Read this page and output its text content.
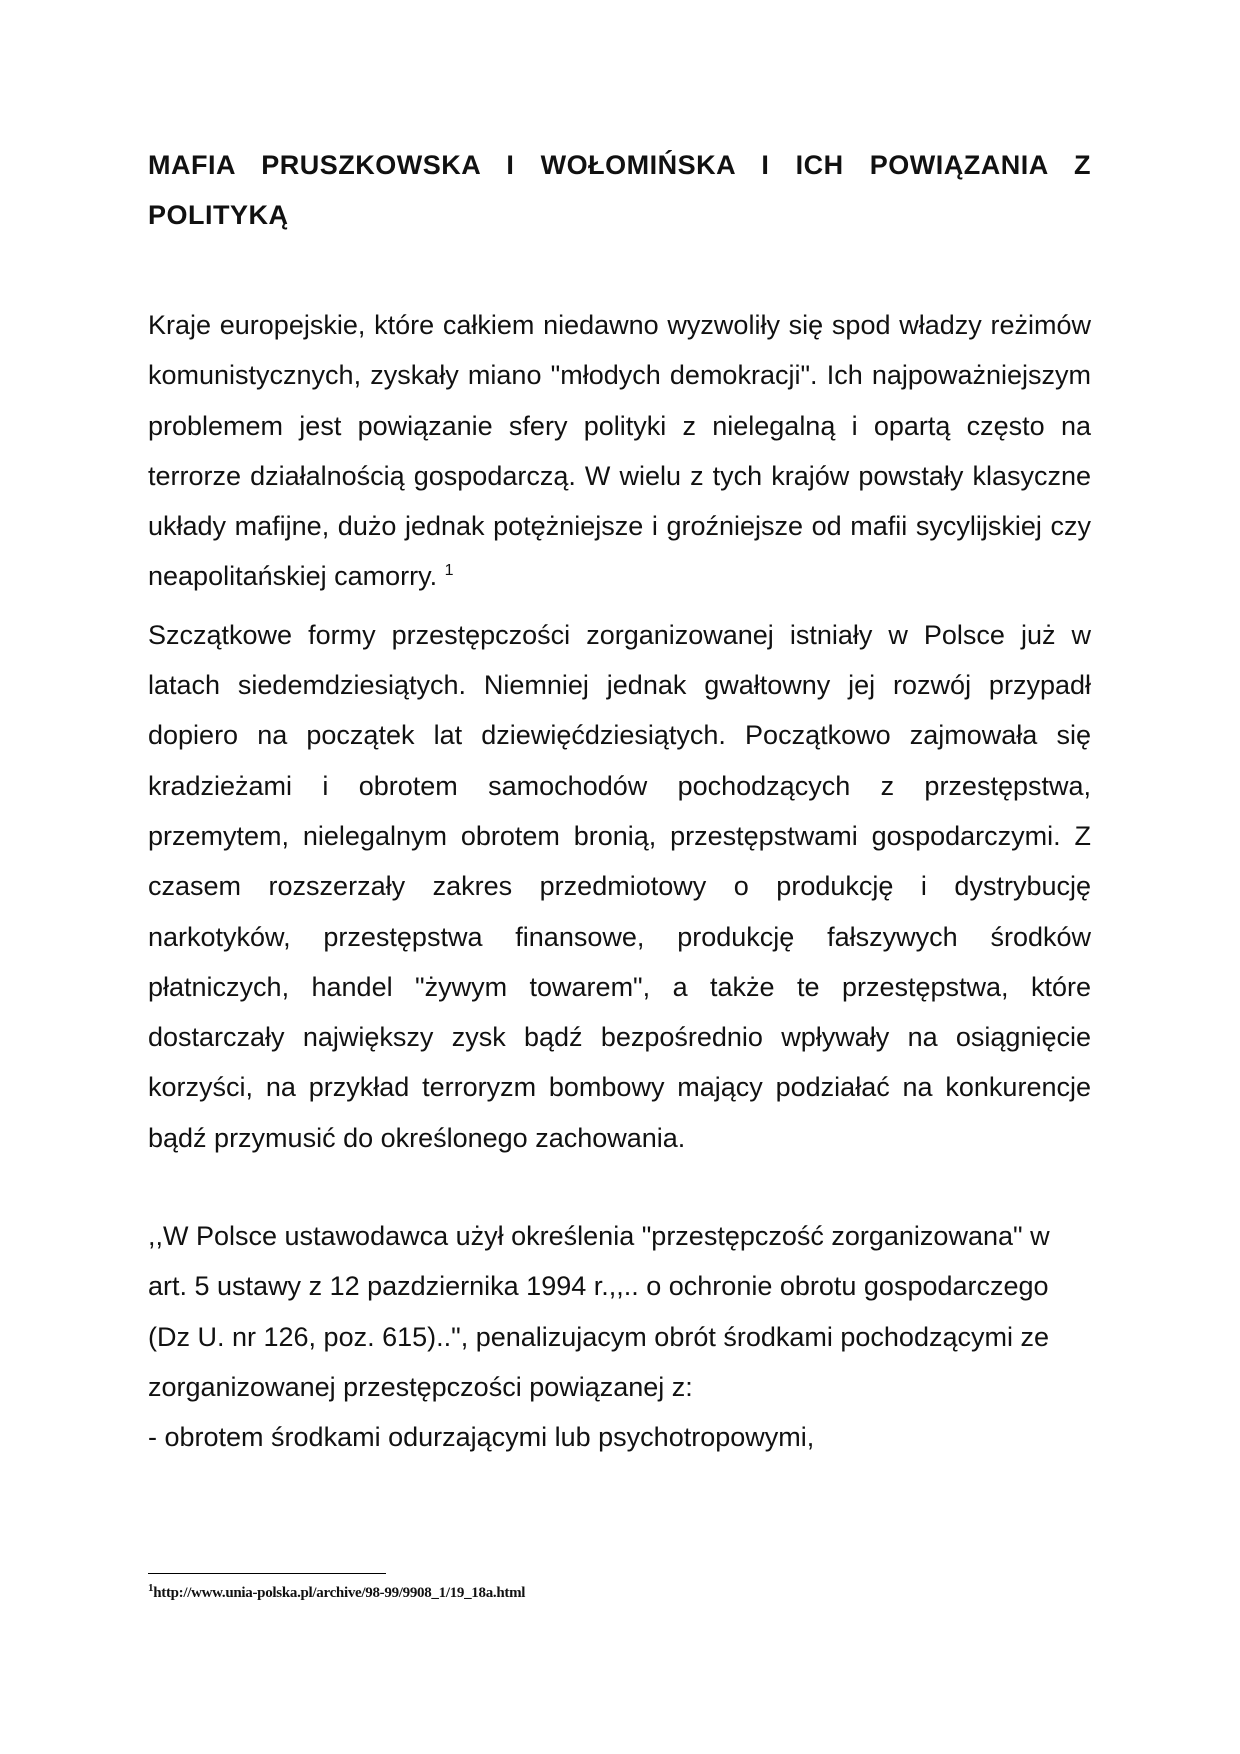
MAFIA PRUSZKOWSKA I WOŁOMIŃSKA I ICH POWIĄZANIA Z POLITYKĄ

Kraje europejskie, które całkiem niedawno wyzwoliły się spod władzy reżimów komunistycznych, zyskały miano "młodych demokracji". Ich najpoważniejszym problemem jest powiązanie sfery polityki z nielegalną i opartą często na terrorze działalnością gospodarczą. W wielu z tych krajów powstały klasyczne układy mafijne, dużo jednak potężniejsze i groźniejsze od mafii sycylijskiej czy neapolitańskiej camorry. $^1$

Szczątkowe formy przestępczości zorganizowanej istniały w Polsce już w latach siedemdziesiątych. Niemniej jednak gwałtowny jej rozwój przypadł dopiero na początek lat dziewięćdziesiątych. Początkowo zajmowała się kradzieżami i obrotem samochodów pochodzących z przestępstwa, przemytem, nielegalnym obrotem bronią, przestępstwami gospodarczymi. Z czasem rozszerzały zakres przedmiotowy o produkcję i dystrybucję narkotyków, przestępstwa finansowe, produkcję fałszywych środków płatniczych, handel "żywym towarem", a także te przestępstwa, które dostarczały największy zysk bądź bezpośrednio wpływały na osiągnięcie korzyści, na przykład terroryzm bombowy mający podziałać na konkurencje bądź przymusić do określonego zachowania.

,,W Polsce ustawodawca użył określenia "przestępczość zorganizowana" w art. 5 ustawy z 12 pazdziernika 1994 r.,,.. o ochronie obrotu gospodarczego (Dz U. nr 126, poz. 615)..", penalizujacym obrót środkami pochodzącymi ze zorganizowanej przestępczości powiązanej z:

- obrotem środkami odurzającymi lub psychotropowymi,

$^1$http://www.unia-polska.pl/archive/98-99/9908_1/19_18a.html
